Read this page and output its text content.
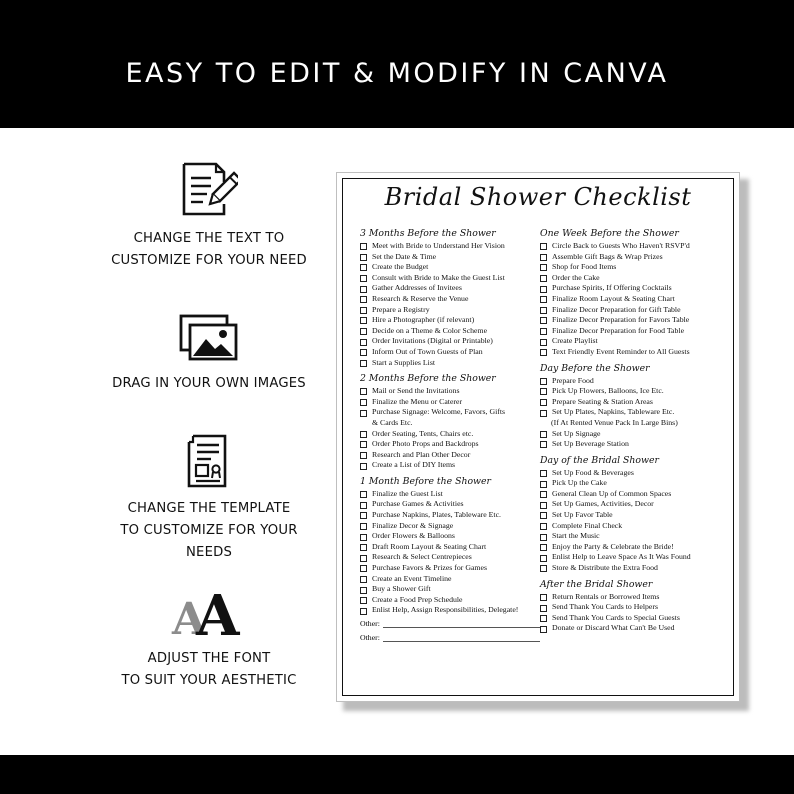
EASY TO EDIT & MODIFY IN CANVA
CHANGE THE TEXT TO
CUSTOMIZE FOR YOUR NEED
DRAG IN YOUR OWN IMAGES
CHANGE THE TEMPLATE
TO CUSTOMIZE FOR YOUR NEEDS
A
A
ADJUST THE FONT
TO SUIT YOUR AESTHETIC
Bridal Shower Checklist
3 Months Before the Shower
Meet with Bride to Understand Her Vision
Set the Date & Time
Create the Budget
Consult with Bride to Make the Guest List
Gather Addresses of Invitees
Research & Reserve the Venue
Prepare a Registry
Hire a Photographer (if relevant)
Decide on a Theme & Color Scheme
Order Invitations (Digital or Printable)
Inform Out of Town Guests of Plan
Start a Supplies List
2 Months Before the Shower
Mail or Send the Invitations
Finalize the Menu or Caterer
Purchase Signage: Welcome, Favors, Gifts
& Cards Etc.
Order Seating, Tents, Chairs etc.
Order Photo Props and Backdrops
Research and Plan Other Decor
Create a List of DIY Items
1 Month Before the Shower
Finalize the Guest List
Purchase Games & Activities
Purchase Napkins, Plates, Tableware Etc.
Finalize Decor & Signage
Order Flowers & Balloons
Draft Room Layout & Seating Chart
Research & Select Centrepieces
Purchase Favors & Prizes for Games
Create an Event Timeline
Buy a Shower Gift
Create a Food Prep Schedule
Enlist Help, Assign Responsibilities, Delegate!
Other:
Other:
One Week Before the Shower
Circle Back to Guests Who Haven't RSVP'd
Assemble Gift Bags & Wrap Prizes
Shop for Food Items
Order the Cake
Purchase Spirits, If Offering Cocktails
Finalize Room Layout & Seating Chart
Finalize Decor Preparation for Gift Table
Finalize Decor Preparation for Favors Table
Finalize Decor Preparation for Food Table
Create Playlist
Text Friendly Event Reminder to All Guests
Day Before the Shower
Prepare Food
Pick Up Flowers, Balloons, Ice Etc.
Prepare Seating & Station Areas
Set Up Plates, Napkins, Tableware Etc.
(If At Rented Venue Pack In Large Bins)
Set Up Signage
Set Up Beverage Station
Day of the Bridal Shower
Set Up Food & Beverages
Pick Up the Cake
General Clean Up of Common Spaces
Set Up Games, Activities, Decor
Set Up Favor Table
Complete Final Check
Start the Music
Enjoy the Party & Celebrate the Bride!
Enlist Help to Leave Space As It Was Found
Store & Distribute the Extra Food
After the Bridal Shower
Return Rentals or Borrowed Items
Send Thank You Cards to Helpers
Send Thank You Cards to Special Guests
Donate or Discard What Can't Be Used
